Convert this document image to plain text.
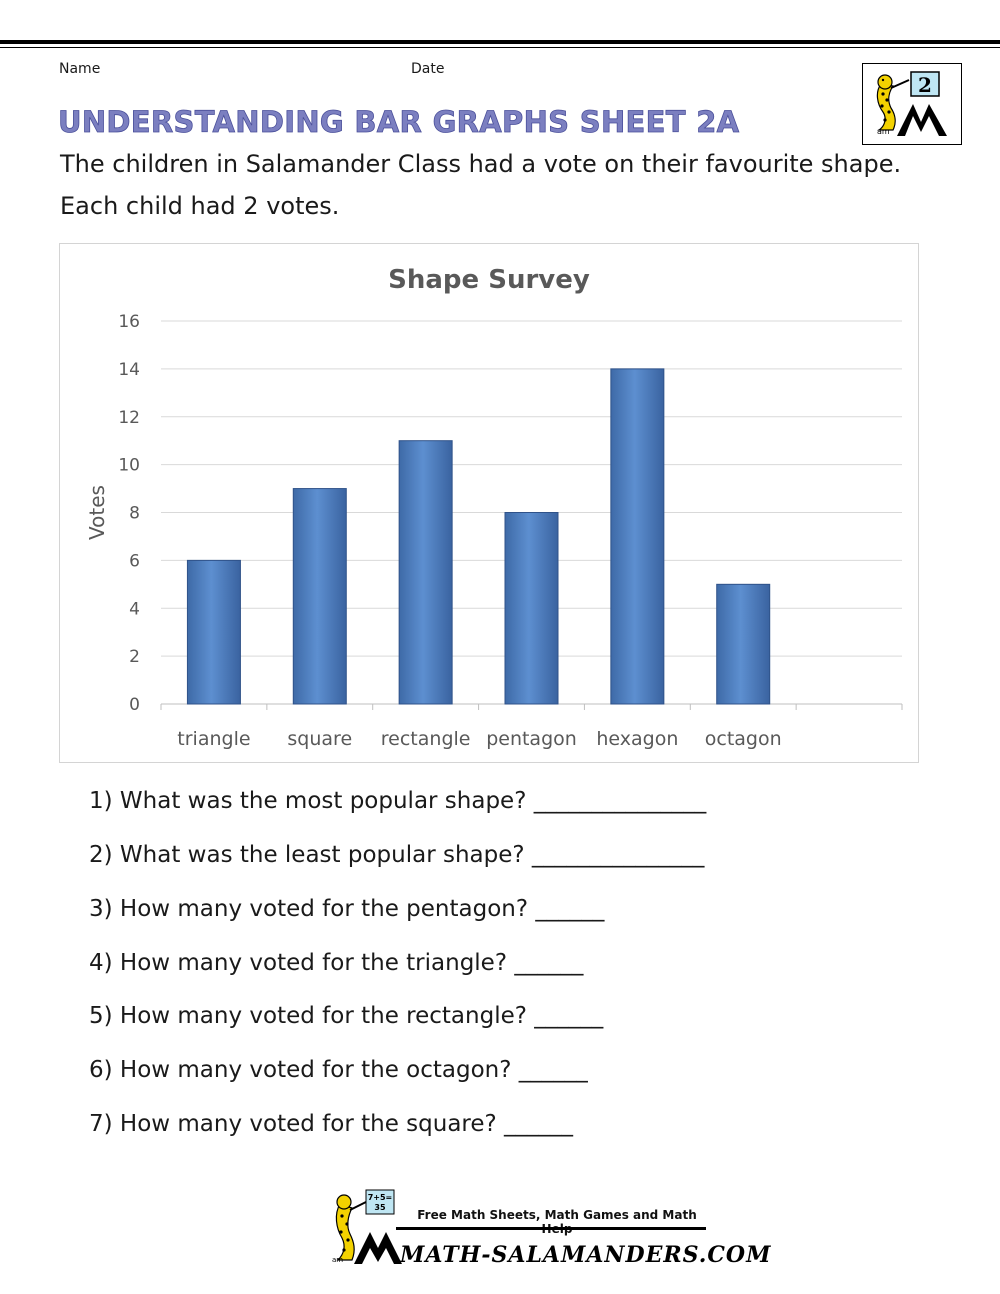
Name	Date
2
am
UNDERSTANDING BAR GRAPHS SHEET 2A
The children in Salamander Class had a vote on their favourite shape.
Each child had 2 votes.
Shape Survey
Votes
0
2
4
6
8
10
12
14
16
triangle square rectangle pentagon hexagon octagon
1) What was the most popular shape? _______________
2) What was the least popular shape? _______________
3) How many voted for the pentagon? ______
4) How many voted for the triangle? ______
5) How many voted for the rectangle? ______
6) How many voted for the octagon? ______
7) How many voted for the square? ______
7+5=
35
am	MATH-SALAMANDERS.COM
Free Math Sheets, Math Games and Math
